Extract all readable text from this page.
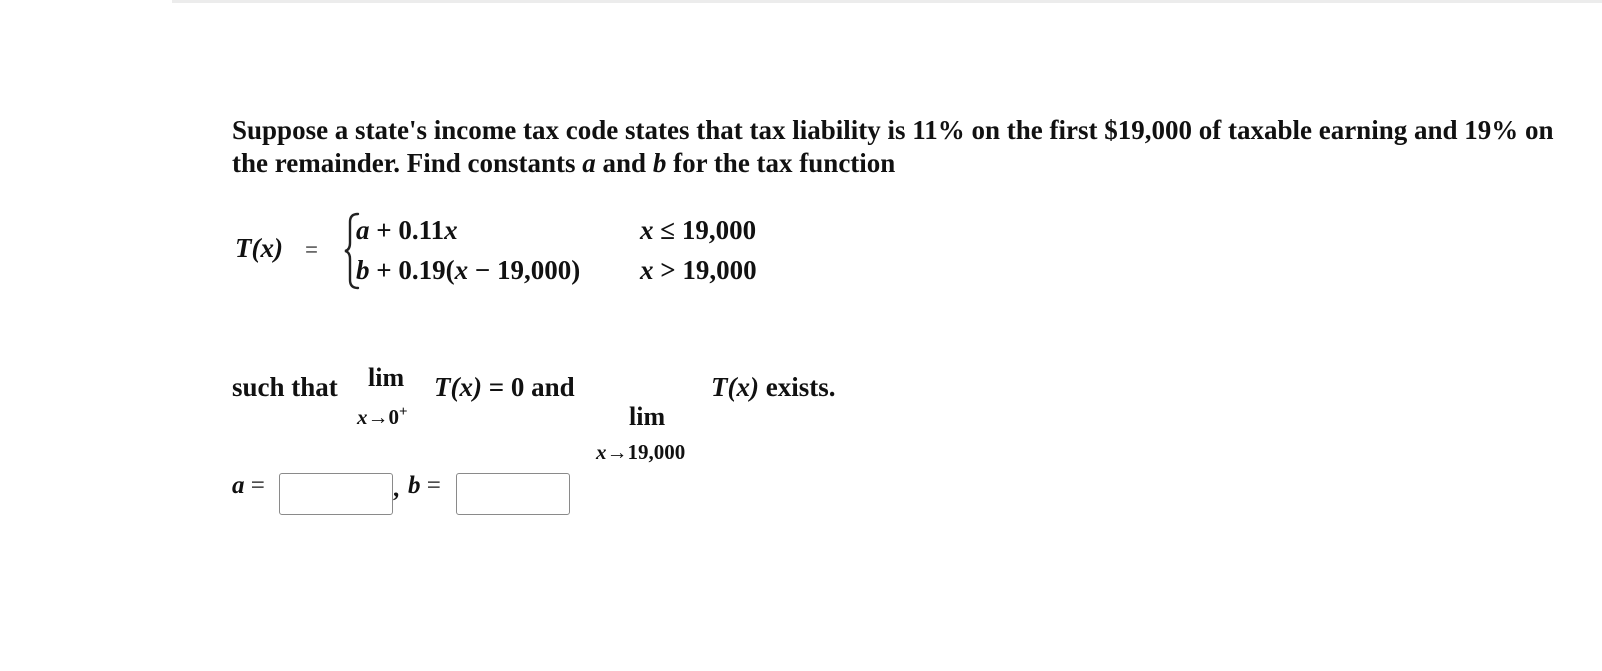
Suppose a state's income tax code states that tax liability is 11% on the first $19,000 of taxable earning and 19% on the remainder. Find constants a and b for the tax function

T(x) =
a + 0.11x	x ≤ 19,000
b + 0.19(x − 19,000) x > 19,000
such that lim
x→0+
T(x) = 0 and
lim
x→19,000
T(x) exists.
a =	, b =
